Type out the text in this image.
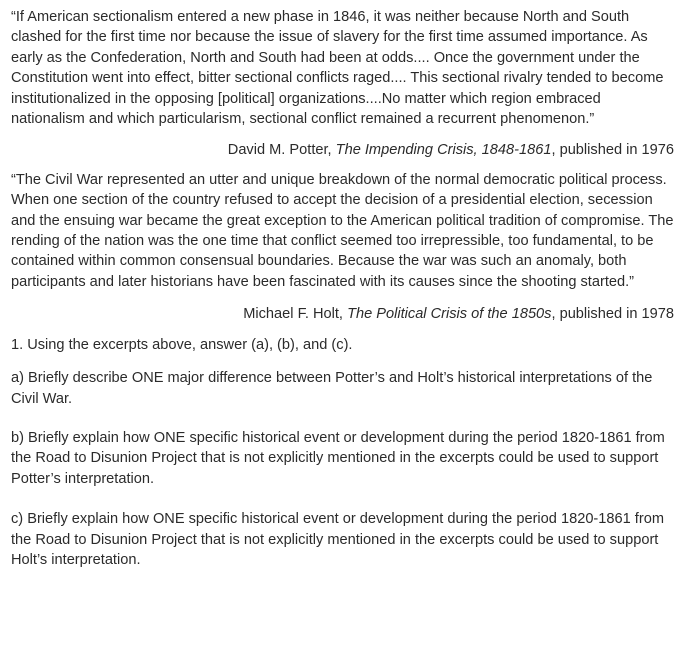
“If American sectionalism entered a new phase in 1846, it was neither because North and South clashed for the first time nor because the issue of slavery for the first time assumed importance. As early as the Confederation, North and South had been at odds.... Once the government under the Constitution went into effect, bitter sectional conflicts raged.... This sectional rivalry tended to become institutionalized in the opposing [political] organizations....No matter which region embraced nationalism and which particularism, sectional conflict remained a recurrent phenomenon.”

David M. Potter, The Impending Crisis, 1848-1861, published in 1976

“The Civil War represented an utter and unique breakdown of the normal democratic political process. When one section of the country refused to accept the decision of a presidential election, secession and the ensuing war became the great exception to the American political tradition of compromise. The rending of the nation was the one time that conflict seemed too irrepressible, too fundamental, to be contained within common consensual boundaries. Because the war was such an anomaly, both participants and later historians have been fascinated with its causes since the shooting started.”

Michael F. Holt, The Political Crisis of the 1850s, published in 1978

1. Using the excerpts above, answer (a), (b), and (c).

a) Briefly describe ONE major difference between Potter’s and Holt’s historical interpretations of the Civil War.

b) Briefly explain how ONE specific historical event or development during the period 1820-1861 from the Road to Disunion Project that is not explicitly mentioned in the excerpts could be used to support Potter’s interpretation.

c) Briefly explain how ONE specific historical event or development during the period 1820-1861 from the Road to Disunion Project that is not explicitly mentioned in the excerpts could be used to support Holt’s interpretation.
